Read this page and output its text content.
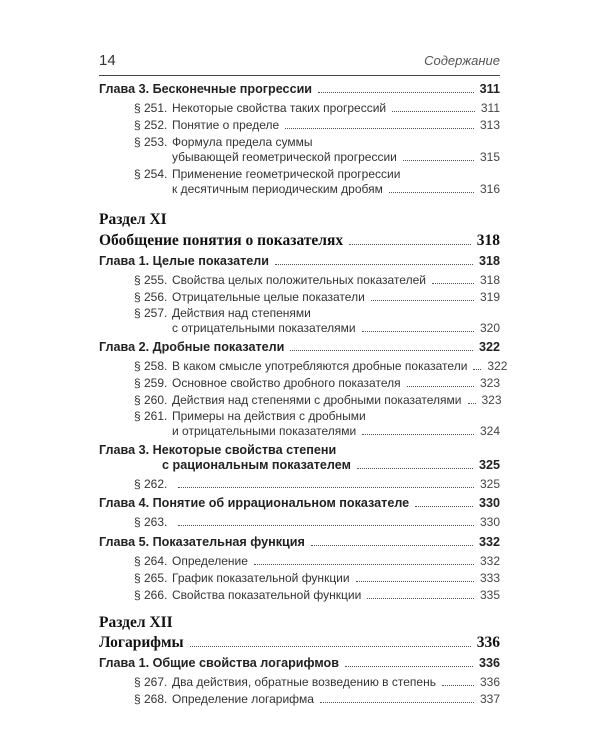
14	Содержание
Глава 3. Бесконечные прогрессии	311
§ 251. Некоторые свойства таких прогрессий	311
§ 252. Понятие о пределе	313
§ 253. Формула предела суммы
убывающей геометрической прогрессии	315
§ 254. Применение геометрической прогрессии
к десятичным периодическим дробям	316
Раздел XI
Обобщение понятия о показателях	318
Глава 1. Целые показатели	318
§ 255. Свойства целых положительных показателей	318
§ 256. Отрицательные целые показатели	319
§ 257. Действия над степенями
с отрицательными показателями	320
Глава 2. Дробные показатели	322
§ 258. В каком смысле употребляются дробные показатели 322
§ 259. Основное свойство дробного показателя	323
§ 260. Действия над степенями с дробными показателями 323
§ 261. Примеры на действия с дробными
и отрицательными показателями	324
Глава 3. Некоторые свойства степени
с рациональным показателем	325
§ 262.	325
Глава 4. Понятие об иррациональном показателе	330
§ 263.	330
Глава 5. Показательная функция	332
§ 264. Определение	332
§ 265. График показательной функции	333
§ 266. Свойства показательной функции	335
Раздел XII
Логарифмы	336
Глава 1. Общие свойства логарифмов	336
§ 267. Два действия, обратные возведению в степень	336
§ 268. Определение логарифма	337
